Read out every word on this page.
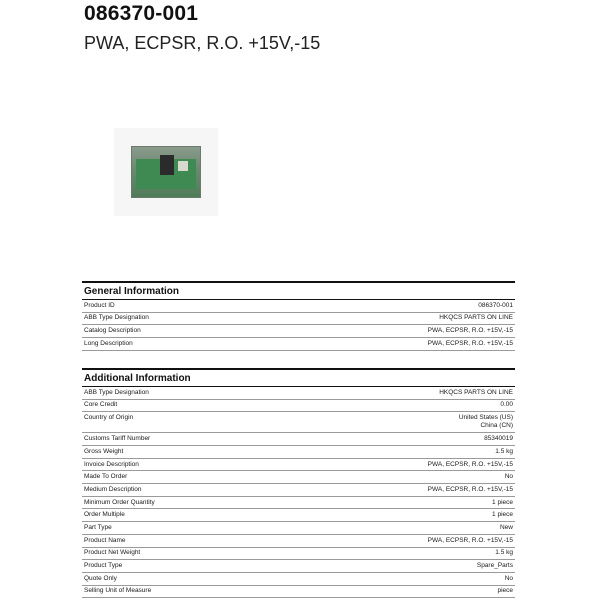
086370-001
PWA, ECPSR, R.O. +15V,-15
General Information
Product ID	086370-001
ABB Type Designation	HKQCS PARTS ON LINE
Catalog Description	PWA, ECPSR, R.O. +15V,-15
Long Description	PWA, ECPSR, R.O. +15V,-15
Additional Information
ABB Type Designation	HKQCS PARTS ON LINE
Core Credit	0.00
Country of Origin	United States (US)
China (CN)
Customs Tariff Number	85340019
Gross Weight	1.5 kg
Invoice Description	PWA, ECPSR, R.O. +15V,-15
Made To Order	No
Medium Description	PWA, ECPSR, R.O. +15V,-15
Minimum Order Quantity	1 piece
Order Multiple	1 piece
Part Type	New
Product Name	PWA, ECPSR, R.O. +15V,-15
Product Net Weight	1.5 kg
Product Type	Spare_Parts
Quote Only	No
Selling Unit of Measure	piece
